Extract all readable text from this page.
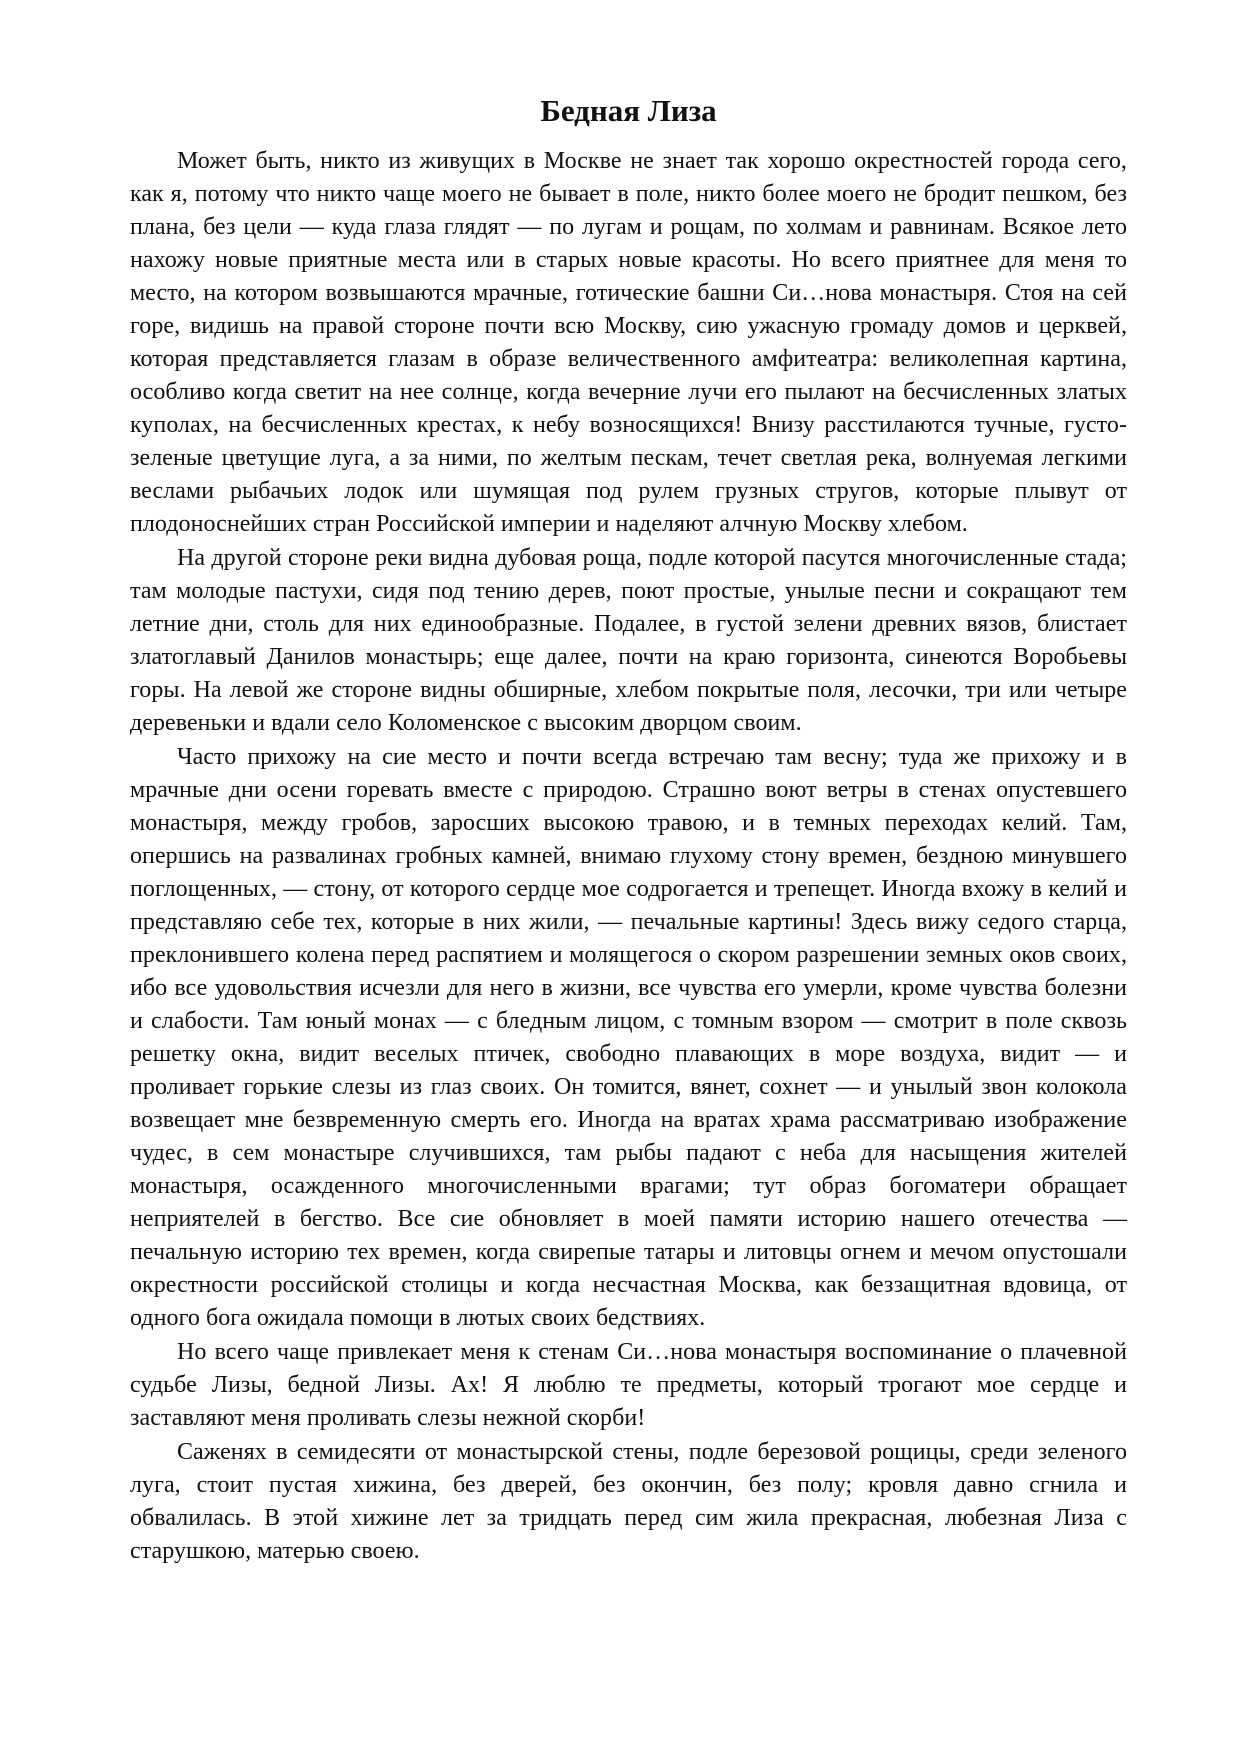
Бедная Лиза

Может быть, никто из живущих в Москве не знает так хорошо окрестностей города сего, как я, потому что никто чаще моего не бывает в поле, никто более моего не бродит пешком, без плана, без цели — куда глаза глядят — по лугам и рощам, по холмам и равнинам. Всякое лето нахожу новые приятные места или в старых новые красоты. Но всего приятнее для меня то место, на котором возвышаются мрачные, готические башни Си…нова монастыря. Стоя на сей горе, видишь на правой стороне почти всю Москву, сию ужасную громаду домов и церквей, которая представляется глазам в образе величественного амфитеатра: великолепная картина, особливо когда светит на нее солнце, когда вечерние лучи его пылают на бесчисленных златых куполах, на бесчисленных крестах, к небу возносящихся! Внизу расстилаются тучные, густо-зеленые цветущие луга, а за ними, по желтым пескам, течет светлая река, волнуемая легкими веслами рыбачьих лодок или шумящая под рулем грузных стругов, которые плывут от плодоноснейших стран Российской империи и наделяют алчную Москву хлебом.

На другой стороне реки видна дубовая роща, подле которой пасутся многочисленные стада; там молодые пастухи, сидя под тению дерев, поют простые, унылые песни и сокращают тем летние дни, столь для них единообразные. Подалее, в густой зелени древних вязов, блистает златоглавый Данилов монастырь; еще далее, почти на краю горизонта, синеются Воробьевы горы. На левой же стороне видны обширные, хлебом покрытые поля, лесочки, три или четыре деревеньки и вдали село Коломенское с высоким дворцом своим.

Часто прихожу на сие место и почти всегда встречаю там весну; туда же прихожу и в мрачные дни осени горевать вместе с природою. Страшно воют ветры в стенах опустевшего монастыря, между гробов, заросших высокою травою, и в темных переходах келий. Там, опершись на развалинах гробных камней, внимаю глухому стону времен, бездною минувшего поглощенных, — стону, от которого сердце мое содрогается и трепещет. Иногда вхожу в келий и представляю себе тех, которые в них жили, — печальные картины! Здесь вижу седого старца, преклонившего колена перед распятием и молящегося о скором разрешении земных оков своих, ибо все удовольствия исчезли для него в жизни, все чувства его умерли, кроме чувства болезни и слабости. Там юный монах — с бледным лицом, с томным взором — смотрит в поле сквозь решетку окна, видит веселых птичек, свободно плавающих в море воздуха, видит — и проливает горькие слезы из глаз своих. Он томится, вянет, сохнет — и унылый звон колокола возвещает мне безвременную смерть его. Иногда на вратах храма рассматриваю изображение чудес, в сем монастыре случившихся, там рыбы падают с неба для насыщения жителей монастыря, осажденного многочисленными врагами; тут образ богоматери обращает неприятелей в бегство. Все сие обновляет в моей памяти историю нашего отечества — печальную историю тех времен, когда свирепые татары и литовцы огнем и мечом опустошали окрестности российской столицы и когда несчастная Москва, как беззащитная вдовица, от одного бога ожидала помощи в лютых своих бедствиях.

Но всего чаще привлекает меня к стенам Си…нова монастыря воспоминание о плачевной судьбе Лизы, бедной Лизы. Ах! Я люблю те предметы, который трогают мое сердце и заставляют меня проливать слезы нежной скорби!

Саженях в семидесяти от монастырской стены, подле березовой рощицы, среди зеленого луга, стоит пустая хижина, без дверей, без окончин, без полу; кровля давно сгнила и обвалилась. В этой хижине лет за тридцать перед сим жила прекрасная, любезная Лиза с старушкою, матерью своею.
